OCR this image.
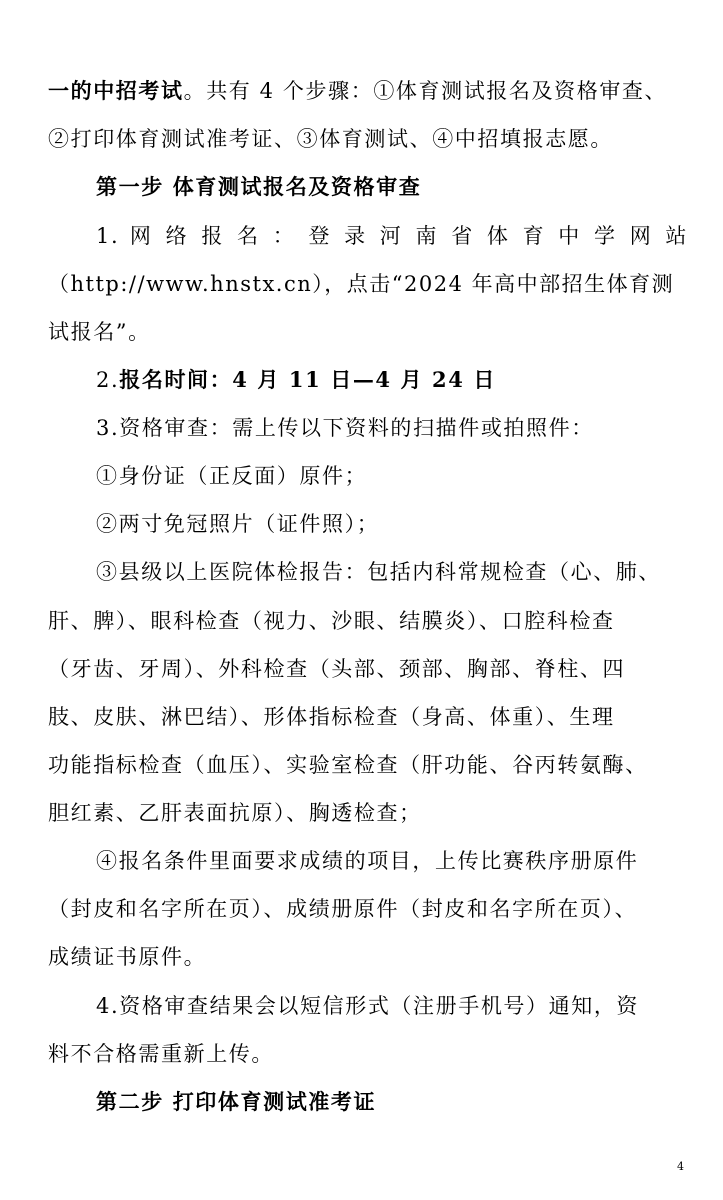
一的中招考试。共有 4 个步骤：①体育测试报名及资格审查、
②打印体育测试准考证、③体育测试、④中招填报志愿。
第一步 体育测试报名及资格审查
1. 网 络 报 名 ： 登 录 河 南 省 体 育 中 学 网 站
（http://www.hnstx.cn），点击“2024 年高中部招生体育测
试报名”。
2.报名时间：4 月 11 日—4 月 24 日
3.资格审查：需上传以下资料的扫描件或拍照件：
①身份证（正反面）原件；
②两寸免冠照片（证件照）；
③县级以上医院体检报告：包括内科常规检查（心、肺、
肝、脾）、眼科检查（视力、沙眼、结膜炎）、口腔科检查
（牙齿、牙周）、外科检查（头部、颈部、胸部、脊柱、四
肢、皮肤、淋巴结）、形体指标检查（身高、体重）、生理
功能指标检查（血压）、实验室检查（肝功能、谷丙转氨酶、
胆红素、乙肝表面抗原）、胸透检查；
④报名条件里面要求成绩的项目，上传比赛秩序册原件
（封皮和名字所在页）、成绩册原件（封皮和名字所在页）、
成绩证书原件。
4.资格审查结果会以短信形式（注册手机号）通知，资
料不合格需重新上传。
第二步 打印体育测试准考证
4
